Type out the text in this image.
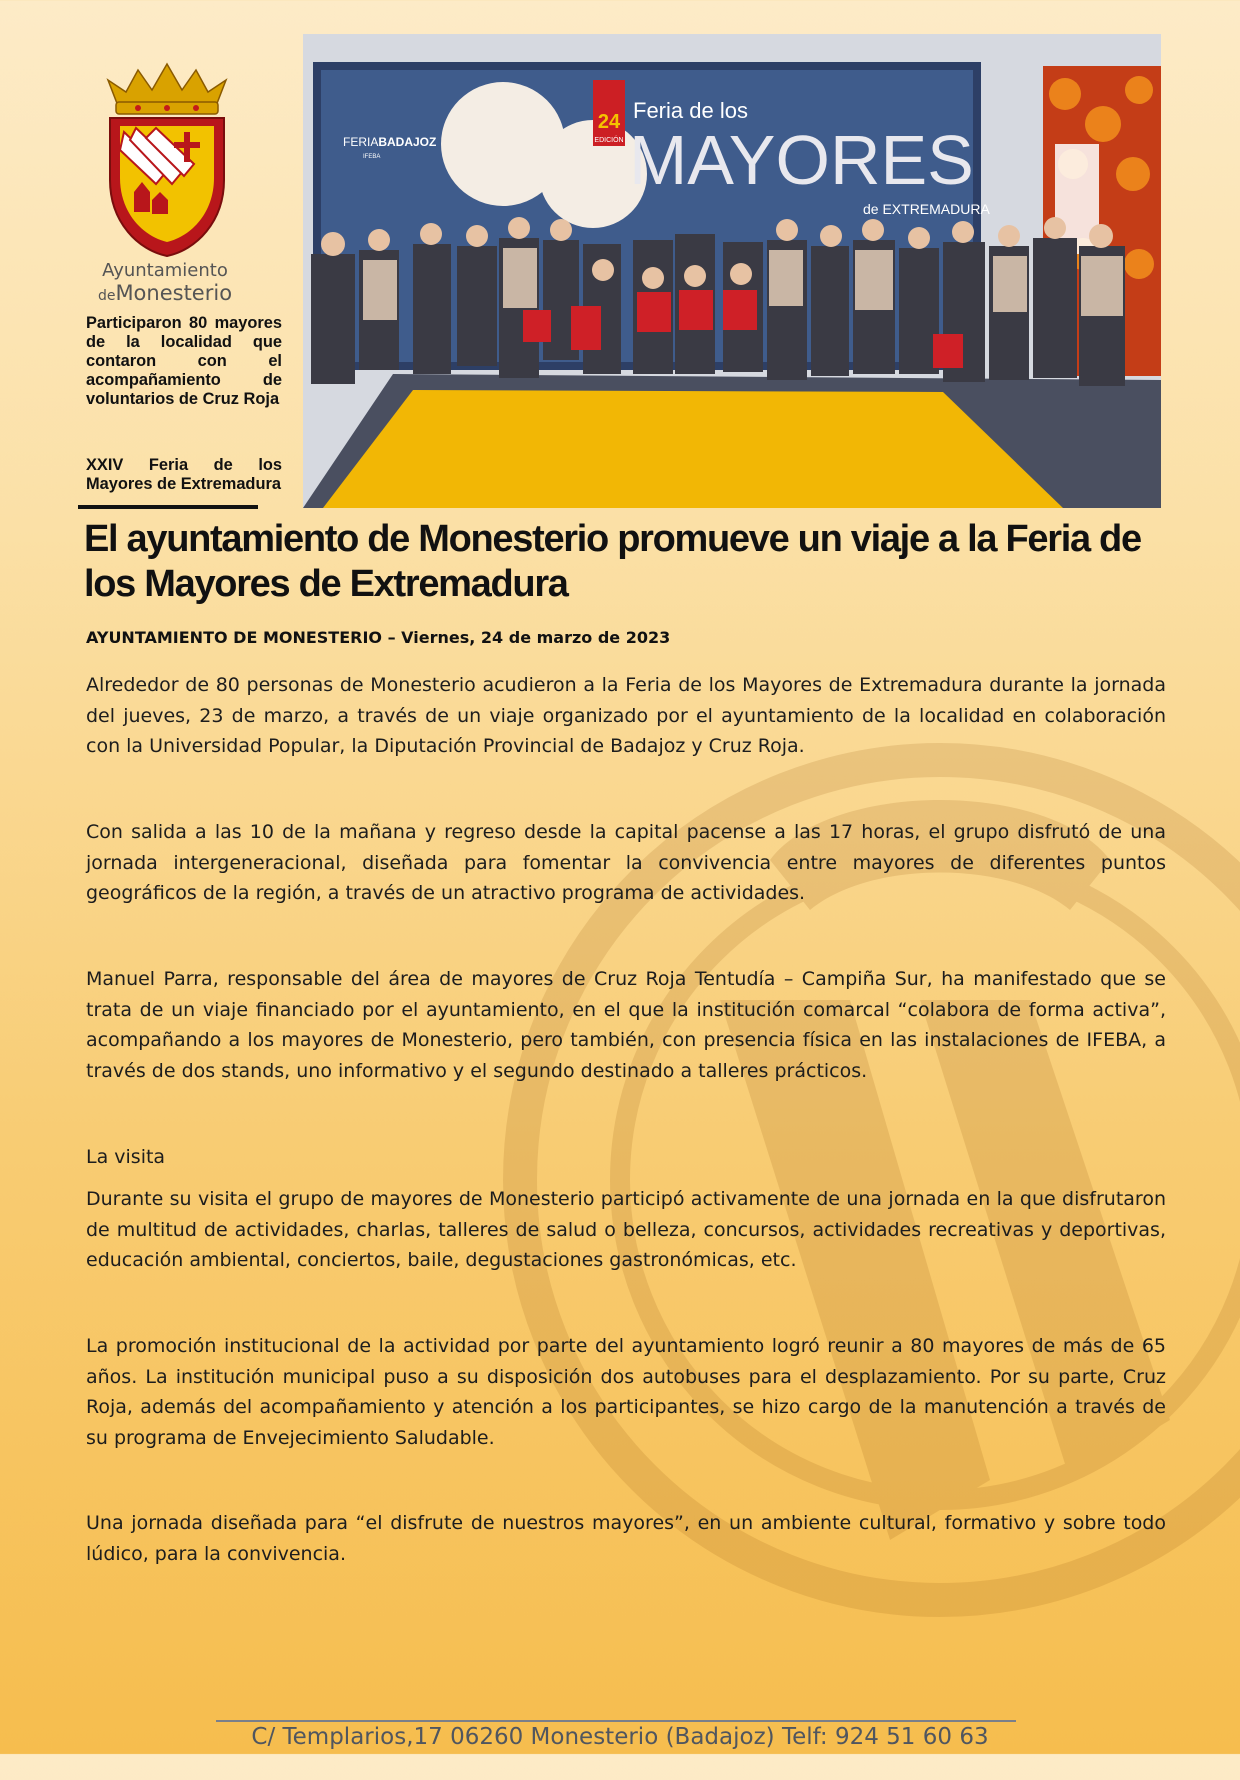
Ayuntamiento
deMonesterio

Participaron 80 mayores de la localidad que contaron con el acompañamiento de voluntarios de Cruz Roja

XXIV Feria de los Mayores de Extremadura

24
EDICIÓN
Feria de los
MAYORES
de EXTREMADURA
FERIABADAJOZ
IFEBA
El ayuntamiento de Monesterio promueve un viaje a la Feria de los Mayores de Extremadura

AYUNTAMIENTO DE MONESTERIO – Viernes, 24 de marzo de 2023

Alrededor de 80 personas de Monesterio acudieron a la Feria de los Mayores de Extremadura durante la jornada del jueves, 23 de marzo, a través de un viaje organizado por el ayuntamiento de la localidad en colaboración con la Universidad Popular, la Diputación Provincial de Badajoz y Cruz Roja.

Con salida a las 10 de la mañana y regreso desde la capital pacense a las 17 horas, el grupo disfrutó de una jornada intergeneracional, diseñada para fomentar la convivencia entre mayores de diferentes puntos geográficos de la región, a través de un atractivo programa de actividades.

Manuel Parra, responsable del área de mayores de Cruz Roja Tentudía – Campiña Sur, ha manifestado que se trata de un viaje financiado por el ayuntamiento, en el que la institución comarcal “colabora de forma activa”, acompañando a los mayores de Monesterio, pero también, con presencia física en las instalaciones de IFEBA, a través de dos stands, uno informativo y el segundo destinado a talleres prácticos.

La visita

Durante su visita el grupo de mayores de Monesterio participó activamente de una jornada en la que disfrutaron de multitud de actividades, charlas, talleres de salud o belleza, concursos, actividades recreativas y deportivas, educación ambiental, conciertos, baile, degustaciones gastronómicas, etc.

La promoción institucional de la actividad por parte del ayuntamiento logró reunir a 80 mayores de más de 65 años. La institución municipal puso a su disposición dos autobuses para el desplazamiento. Por su parte, Cruz Roja, además del acompañamiento y atención a los participantes, se hizo cargo de la manutención a través de su programa de Envejecimiento Saludable.

Una jornada diseñada para “el disfrute de nuestros mayores”, en un ambiente cultural, formativo y sobre todo lúdico, para la convivencia.

C/ Templarios,17 06260 Monesterio (Badajoz) Telf: 924 51 60 63
